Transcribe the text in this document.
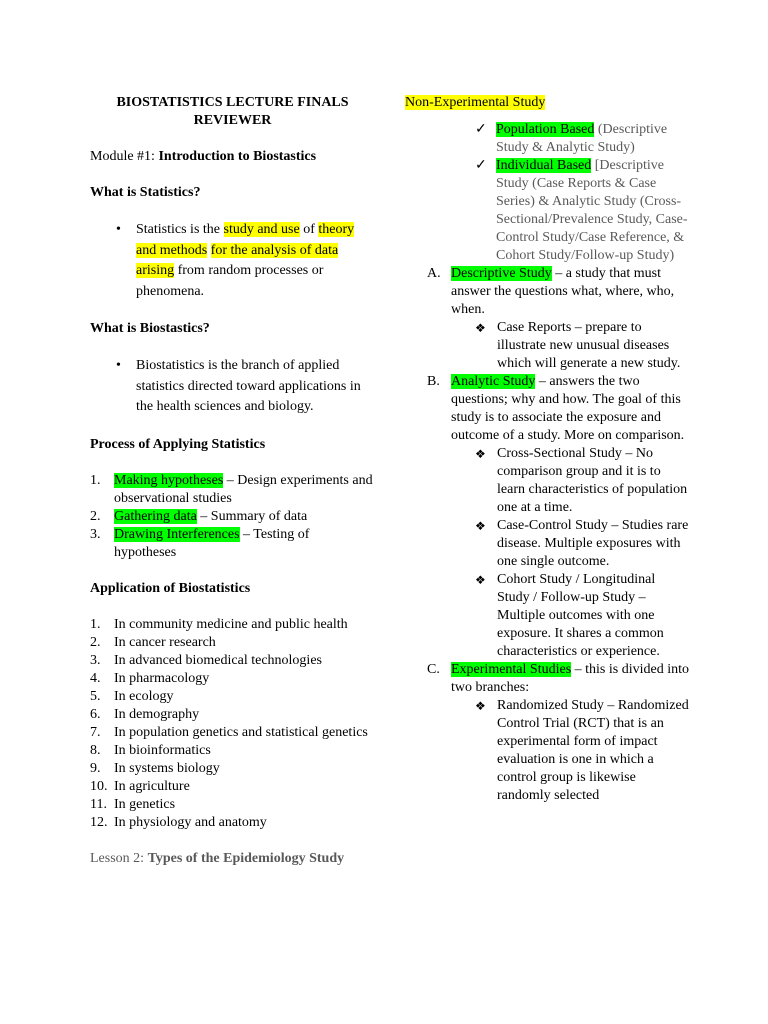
BIOSTATISTICS LECTURE FINALS
REVIEWER
Module #1: Introduction to Biostastics
What is Statistics?
• Statistics is the study and use of theory and methods for the analysis of data arising from random processes or phenomena.
What is Biostastics?
• Biostatistics is the branch of applied statistics directed toward applications in the health sciences and biology.
Process of Applying Statistics
1. Making hypotheses – Design experiments and observational studies
2. Gathering data – Summary of data
3. Drawing Interferences – Testing of hypotheses
Application of Biostatistics
1. In community medicine and public health
2. In cancer research
3. In advanced biomedical technologies
4. In pharmacology
5. In ecology
6. In demography
7. In population genetics and statistical genetics
8. In bioinformatics
9. In systems biology
10. In agriculture
11. In genetics
12. In physiology and anatomy
Lesson 2: Types of the Epidemiology Study
Non-Experimental Study
✓ Population Based (Descriptive Study & Analytic Study)
✓ Individual Based [Descriptive Study (Case Reports & Case Series) & Analytic Study (Cross-Sectional/Prevalence Study, Case-Control Study/Case Reference, & Cohort Study/Follow-up Study)
A. Descriptive Study – a study that must answer the questions what, where, who, when.
❖ Case Reports – prepare to illustrate new unusual diseases which will generate a new study.
B. Analytic Study – answers the two questions; why and how. The goal of this study is to associate the exposure and outcome of a study. More on comparison.
❖ Cross-Sectional Study – No comparison group and it is to learn characteristics of population one at a time.
❖ Case-Control Study – Studies rare disease. Multiple exposures with one single outcome.
❖ Cohort Study / Longitudinal Study / Follow-up Study – Multiple outcomes with one exposure. It shares a common characteristics or experience.
C. Experimental Studies – this is divided into two branches:
❖ Randomized Study – Randomized Control Trial (RCT) that is an experimental form of impact evaluation is one in which a control group is likewise randomly selected
